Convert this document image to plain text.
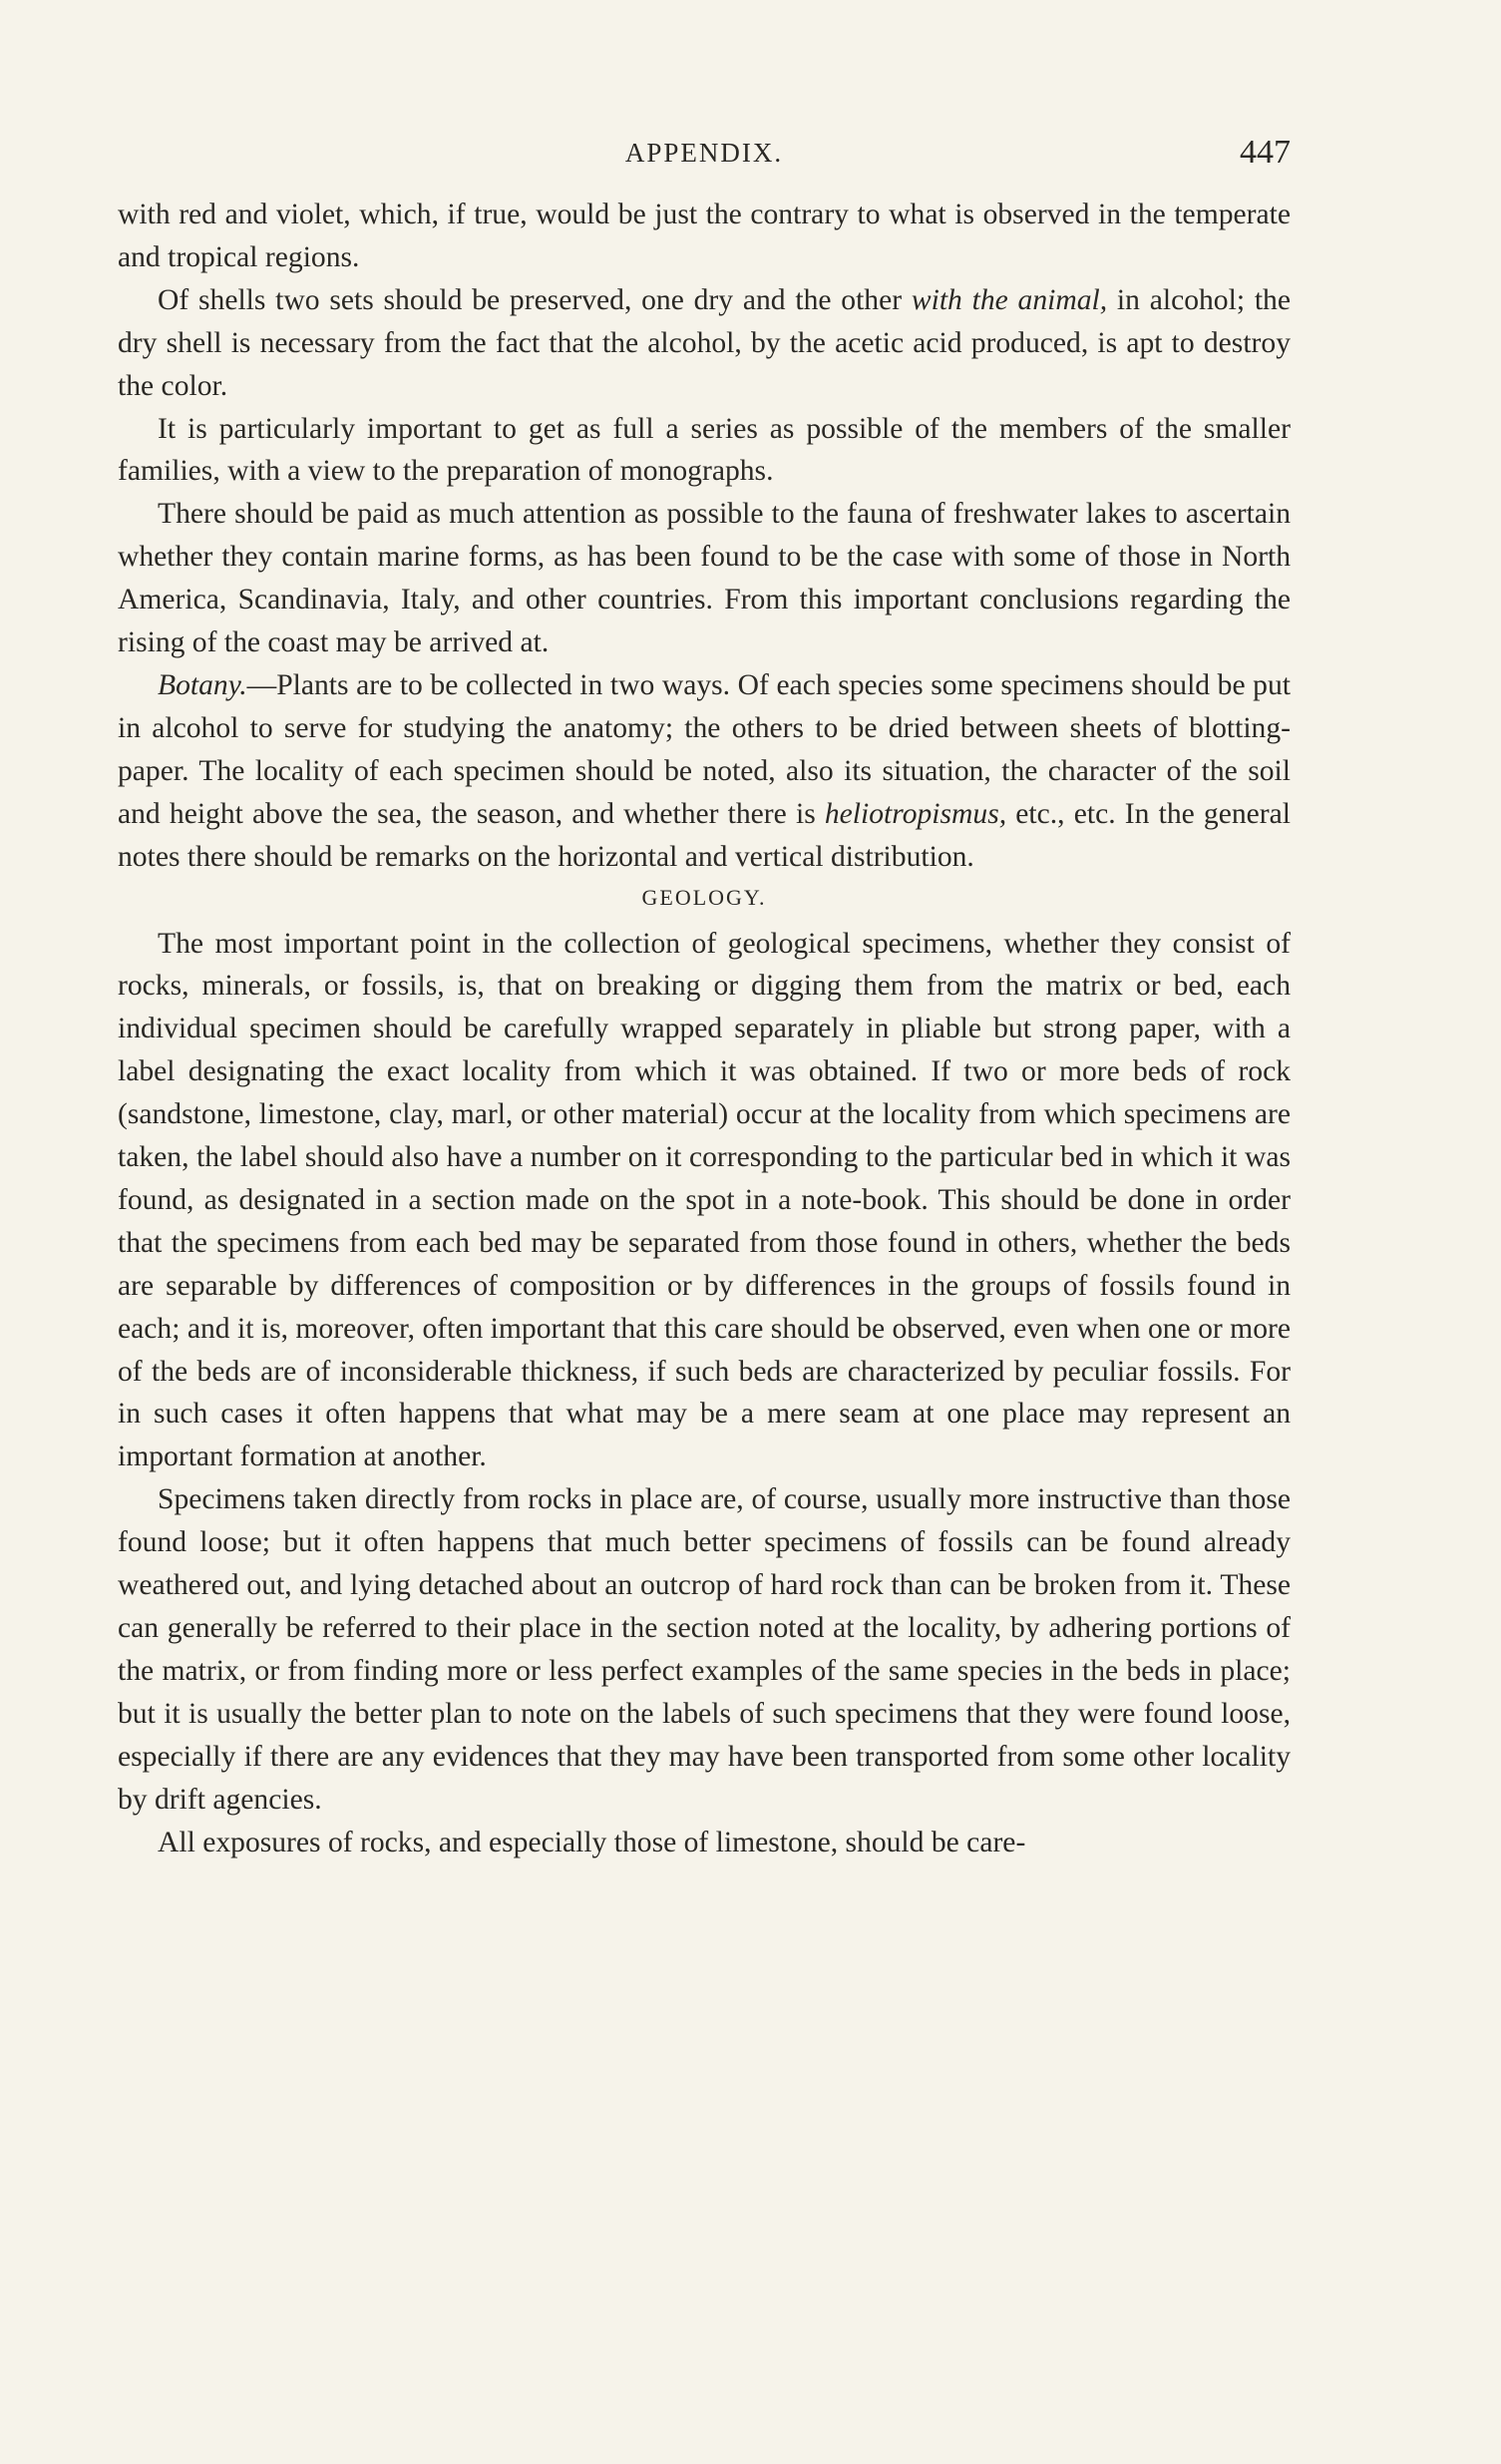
APPENDIX.	447

with red and violet, which, if true, would be just the contrary to what is observed in the temperate and tropical regions.

Of shells two sets should be preserved, one dry and the other with the animal, in alcohol; the dry shell is necessary from the fact that the alcohol, by the acetic acid produced, is apt to destroy the color.

It is particularly important to get as full a series as possible of the members of the smaller families, with a view to the preparation of monographs.

There should be paid as much attention as possible to the fauna of freshwater lakes to ascertain whether they contain marine forms, as has been found to be the case with some of those in North America, Scandinavia, Italy, and other countries. From this important conclusions regarding the rising of the coast may be arrived at.

Botany.—Plants are to be collected in two ways. Of each species some specimens should be put in alcohol to serve for studying the anatomy; the others to be dried between sheets of blotting-paper. The locality of each specimen should be noted, also its situation, the character of the soil and height above the sea, the season, and whether there is heliotropismus, etc., etc. In the general notes there should be remarks on the horizontal and vertical distribution.

GEOLOGY.

The most important point in the collection of geological specimens, whether they consist of rocks, minerals, or fossils, is, that on breaking or digging them from the matrix or bed, each individual specimen should be carefully wrapped separately in pliable but strong paper, with a label designating the exact locality from which it was obtained. If two or more beds of rock (sandstone, limestone, clay, marl, or other material) occur at the locality from which specimens are taken, the label should also have a number on it corresponding to the particular bed in which it was found, as designated in a section made on the spot in a note-book. This should be done in order that the specimens from each bed may be separated from those found in others, whether the beds are separable by differences of composition or by differences in the groups of fossils found in each; and it is, moreover, often important that this care should be observed, even when one or more of the beds are of inconsiderable thickness, if such beds are characterized by peculiar fossils. For in such cases it often happens that what may be a mere seam at one place may represent an important formation at another.

Specimens taken directly from rocks in place are, of course, usually more instructive than those found loose; but it often happens that much better specimens of fossils can be found already weathered out, and lying detached about an outcrop of hard rock than can be broken from it. These can generally be referred to their place in the section noted at the locality, by adhering portions of the matrix, or from finding more or less perfect examples of the same species in the beds in place; but it is usually the better plan to note on the labels of such specimens that they were found loose, especially if there are any evidences that they may have been transported from some other locality by drift agencies.

All exposures of rocks, and especially those of limestone, should be care-
